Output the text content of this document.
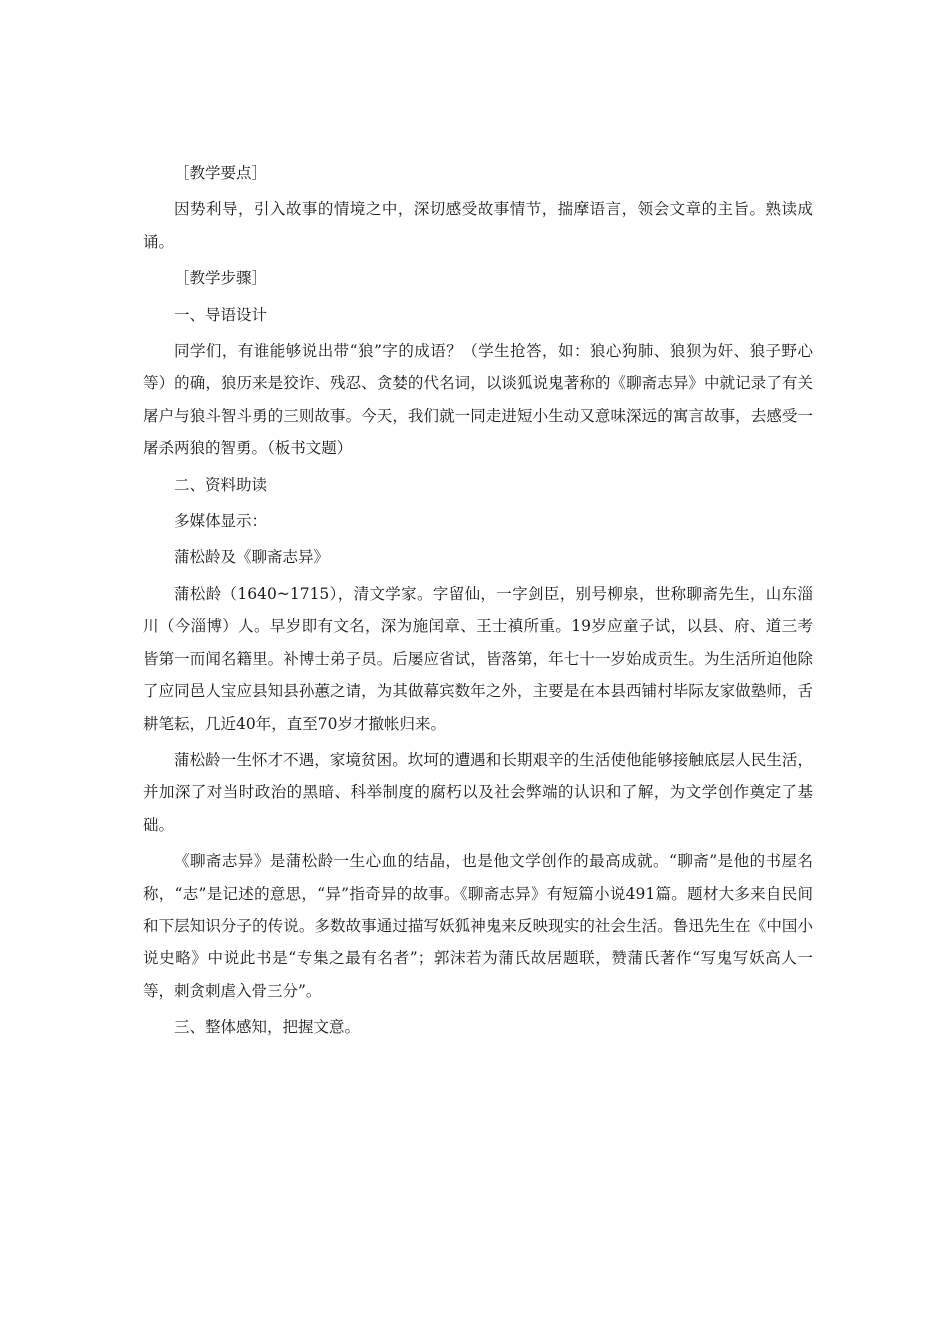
［教学要点］

因势利导，引入故事的情境之中，深切感受故事情节，揣摩语言，领会文章的主旨。熟读成诵。

［教学步骤］

一、导语设计

同学们，有谁能够说出带“狼”字的成语？（学生抢答，如：狼心狗肺、狼狈为奸、狼子野心等）的确，狼历来是狡诈、残忍、贪婪的代名词，以谈狐说鬼著称的《聊斋志异》中就记录了有关屠户与狼斗智斗勇的三则故事。今天，我们就一同走进短小生动又意味深远的寓言故事，去感受一屠杀两狼的智勇。（板书文题）

二、资料助读

多媒体显示：

蒲松龄及《聊斋志异》

蒲松龄（1640~1715），清文学家。字留仙，一字剑臣，别号柳泉，世称聊斋先生，山东淄川（今淄博）人。早岁即有文名，深为施闰章、王士禛所重。19岁应童子试，以县、府、道三考皆第一而闻名籍里。补博士弟子员。后屡应省试，皆落第，年七十一岁始成贡生。为生活所迫他除了应同邑人宝应县知县孙蕙之请，为其做幕宾数年之外，主要是在本县西铺村毕际友家做塾师，舌耕笔耘，几近40年，直至70岁才撤帐归来。

蒲松龄一生怀才不遇，家境贫困。坎坷的遭遇和长期艰辛的生活使他能够接触底层人民生活，并加深了对当时政治的黑暗、科举制度的腐朽以及社会弊端的认识和了解，为文学创作奠定了基础。

《聊斋志异》是蒲松龄一生心血的结晶，也是他文学创作的最高成就。“聊斋”是他的书屋名称，“志”是记述的意思，“异”指奇异的故事。《聊斋志异》有短篇小说491篇。题材大多来自民间和下层知识分子的传说。多数故事通过描写妖狐神鬼来反映现实的社会生活。鲁迅先生在《中国小说史略》中说此书是“专集之最有名者”；郭沫若为蒲氏故居题联，赞蒲氏著作“写鬼写妖高人一等，刺贪刺虐入骨三分”。

三、整体感知，把握文意。
